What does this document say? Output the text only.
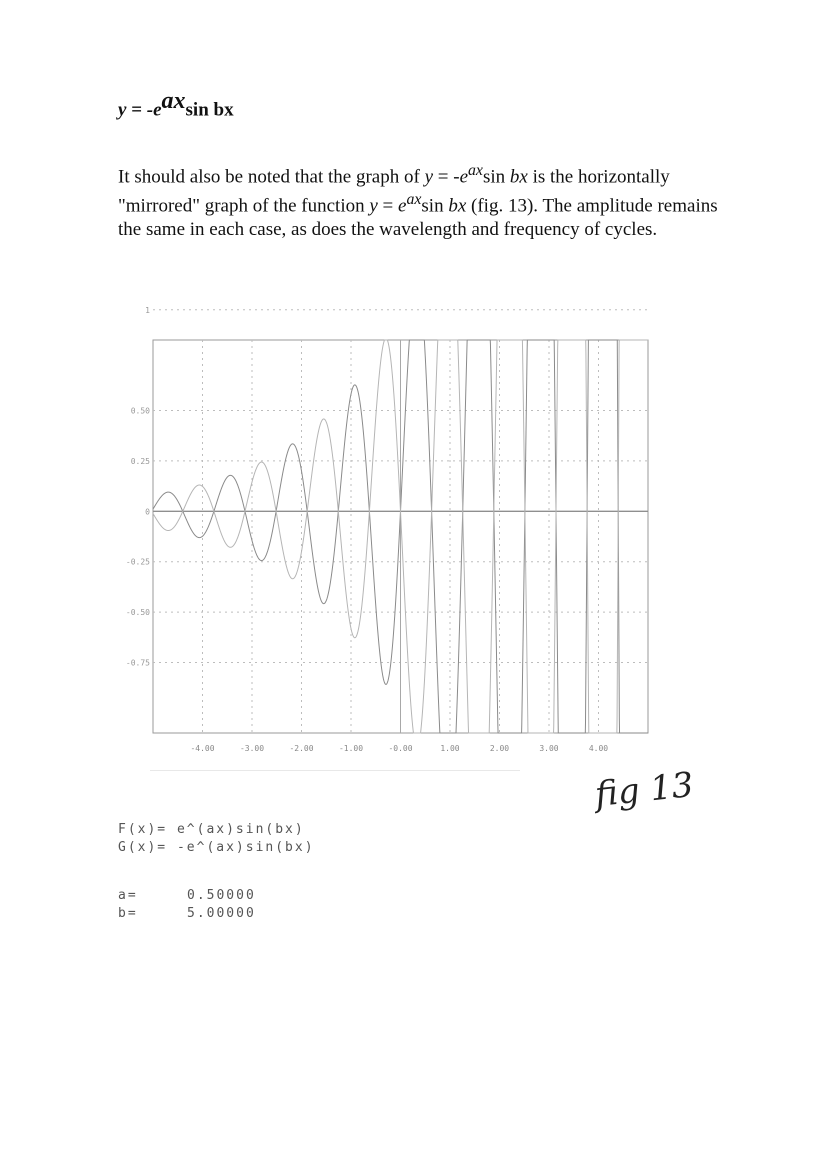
$y = -e^{ax}\sin$ bx

It should also be noted that the graph of $y = -e^{ax}\sin$ bx is the horizontally "mirrored" graph of the function $y = e^{ax}\sin$ bx (fig. 13). The amplitude remains the same in each case, as does the wavelength and frequency of cycles.

1
0.50
0.25
0
-0.25
-0.50
-0.75
-4.00	-3.00	-2.00	-1.00	-0.00	1.00	2.00	3.00	4.00
fig 13
F(x)= e^(ax)sin(bx)
G(x)= -e^(ax)sin(bx)
a=	0.50000
b=	5.00000
